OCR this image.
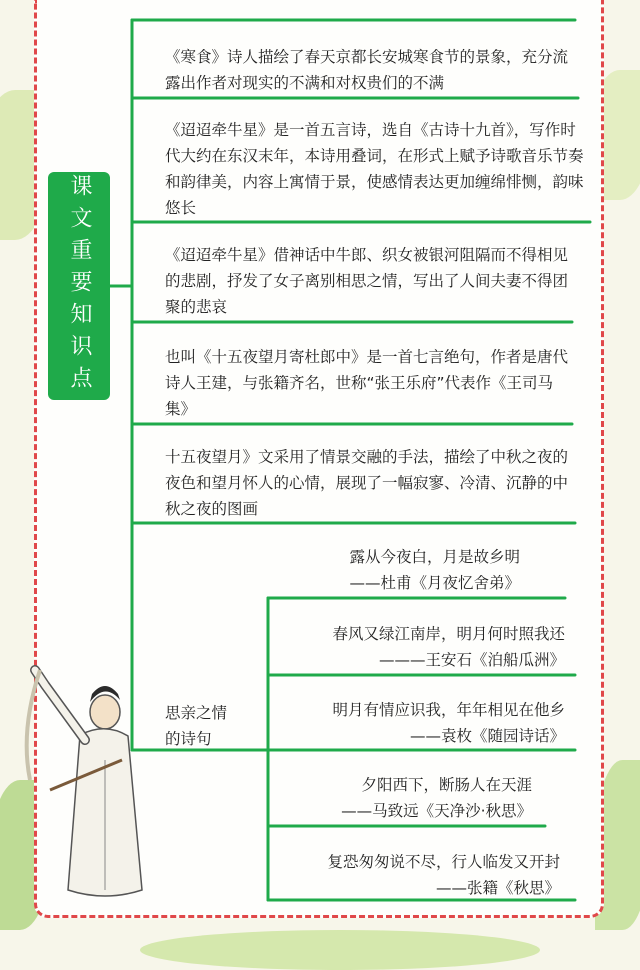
课文重要知识点

《寒食》诗人描绘了春天京都长安城寒食节的景象，充分流露出作者对现实的不满和对权贵们的不满

《迢迢牵牛星》是一首五言诗，选自《古诗十九首》，写作时代大约在东汉末年，本诗用叠词，在形式上赋予诗歌音乐节奏和韵律美，内容上寓情于景，使感情表达更加缠绵悱恻，韵味悠长

《迢迢牵牛星》借神话中牛郎、织女被银河阻隔而不得相见的悲剧，抒发了女子离别相思之情，写出了人间夫妻不得团聚的悲哀

也叫《十五夜望月寄杜郎中》是一首七言绝句，作者是唐代诗人王建，与张籍齐名，世称“张王乐府”代表作《王司马集》

十五夜望月》文采用了情景交融的手法，描绘了中秋之夜的夜色和望月怀人的心情，展现了一幅寂寥、冷清、沉静的中秋之夜的图画

思亲之情
的诗句
露从今夜白，月是故乡明
——杜甫《月夜忆舍弟》
春风又绿江南岸，明月何时照我还
———王安石《泊船瓜洲》
明月有情应识我，年年相见在他乡
——袁枚《随园诗话》
夕阳西下，断肠人在天涯
——马致远《天净沙·秋思》
复恐匆匆说不尽，行人临发又开封
——张籍《秋思》
